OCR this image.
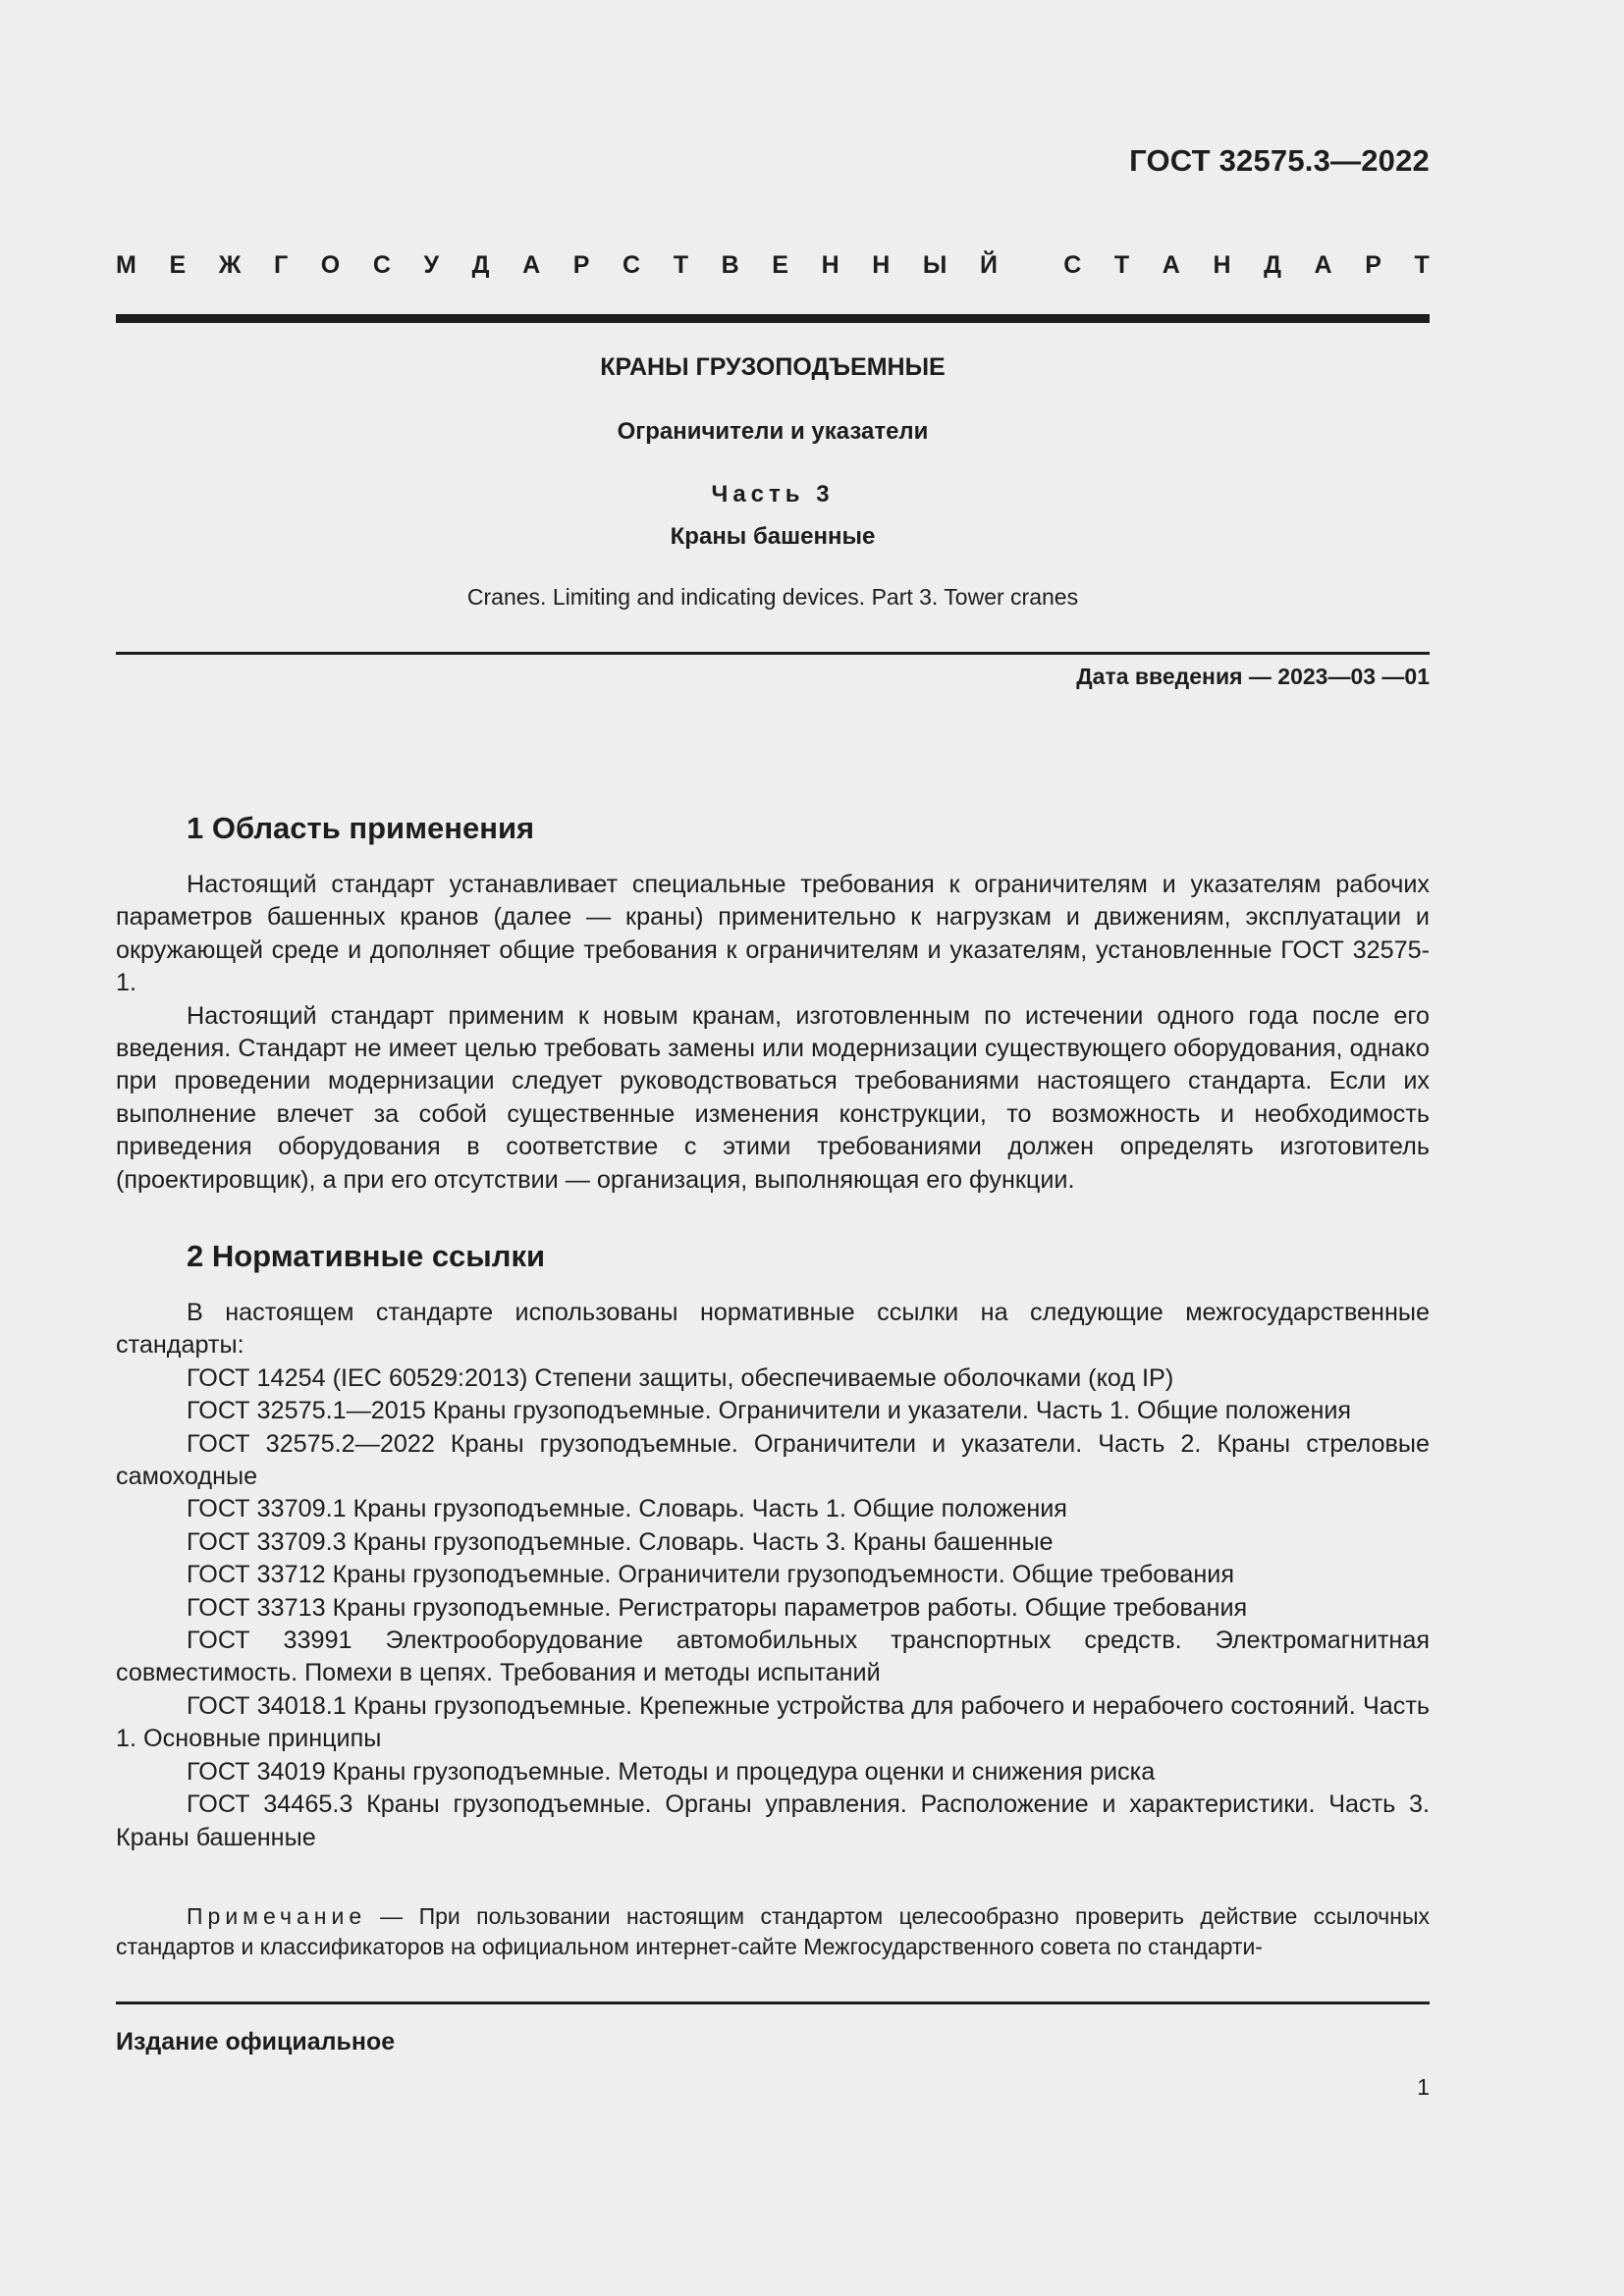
ГОСТ 32575.3—2022
М Е Ж Г О С У Д А Р С Т В Е Н Н Ы Й	С Т А Н Д А Р Т
КРАНЫ ГРУЗОПОДЪЕМНЫЕ
Ограничители и указатели
Часть 3
Краны башенные
Cranes. Limiting and indicating devices. Part 3. Tower cranes
Дата введения — 2023—03 —01
1 Область применения

Настоящий стандарт устанавливает специальные требования к ограничителям и указателям рабочих параметров башенных кранов (далее — краны) применительно к нагрузкам и движениям, эксплуатации и окружающей среде и дополняет общие требования к ограничителям и указателям, установленные ГОСТ 32575-1.

Настоящий стандарт применим к новым кранам, изготовленным по истечении одного года после его введения. Стандарт не имеет целью требовать замены или модернизации существующего оборудования, однако при проведении модернизации следует руководствоваться требованиями настоящего стандарта. Если их выполнение влечет за собой существенные изменения конструкции, то возможность и необходимость приведения оборудования в соответствие с этими требованиями должен определять изготовитель (проектировщик), а при его отсутствии — организация, выполняющая его функции.

2 Нормативные ссылки

В настоящем стандарте использованы нормативные ссылки на следующие межгосударственные стандарты:

ГОСТ 14254 (IEC 60529:2013) Степени защиты, обеспечиваемые оболочками (код IP)

ГОСТ 32575.1—2015 Краны грузоподъемные. Ограничители и указатели. Часть 1. Общие положения

ГОСТ 32575.2—2022 Краны грузоподъемные. Ограничители и указатели. Часть 2. Краны стреловые самоходные

ГОСТ 33709.1 Краны грузоподъемные. Словарь. Часть 1. Общие положения

ГОСТ 33709.3 Краны грузоподъемные. Словарь. Часть 3. Краны башенные

ГОСТ 33712 Краны грузоподъемные. Ограничители грузоподъемности. Общие требования

ГОСТ 33713 Краны грузоподъемные. Регистраторы параметров работы. Общие требования

ГОСТ 33991 Электрооборудование автомобильных транспортных средств. Электромагнитная совместимость. Помехи в цепях. Требования и методы испытаний

ГОСТ 34018.1 Краны грузоподъемные. Крепежные устройства для рабочего и нерабочего состояний. Часть 1. Основные принципы

ГОСТ 34019 Краны грузоподъемные. Методы и процедура оценки и снижения риска

ГОСТ 34465.3 Краны грузоподъемные. Органы управления. Расположение и характеристики. Часть 3. Краны башенные

Примечание — При пользовании настоящим стандартом целесообразно проверить действие ссылочных стандартов и классификаторов на официальном интернет-сайте Межгосударственного совета по стандарти-
Издание официальное
1
